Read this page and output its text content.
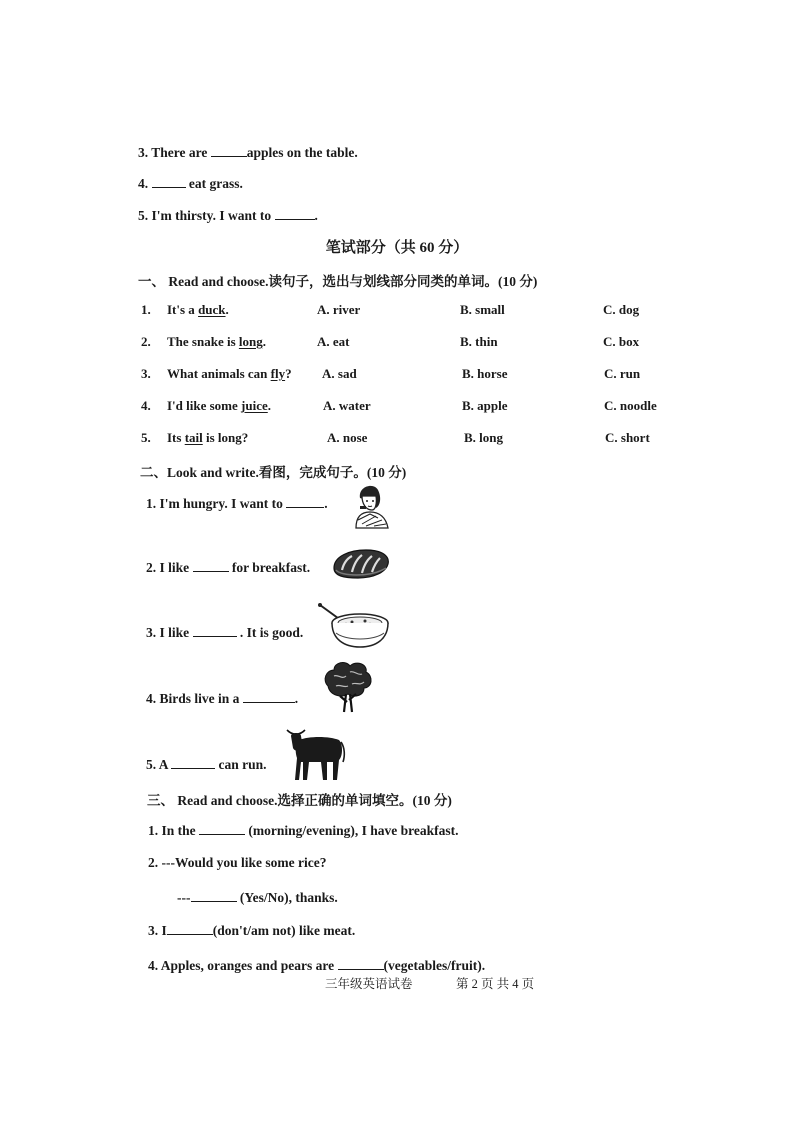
3. There are	apples on the table.
4.	eat grass.
5. I'm thirsty. I want to	.
笔试部分（共 60 分）
一、 Read and choose.读句子，选出与划线部分同类的单词。(10 分)
1. It's a duck.	A. river	B. small	C. dog
2. The snake is long.	A. eat	B. thin	C. box
3. What animals can fly? A. sad	B. horse	C. run
4. I'd like some juice.	A. water	B. apple	C. noodle
5. Its tail is long?	A. nose	B. long	C. short
二、Look and write.看图，完成句子。(10 分)
1. I'm hungry. I want to	.
2. I like	for breakfast.
3. I like	. It is good.
4. Birds live in a	.
5. A	can run.
三、 Read and choose.选择正确的单词填空。(10 分)
1. In the	(morning/evening), I have breakfast.
2. ---Would you like some rice?
---	(Yes/No), thanks.
3. I	(don't/am not) like meat.
4. Apples, oranges and pears are	(vegetables/fruit).
三年级英语试卷	第 2 页 共 4 页
